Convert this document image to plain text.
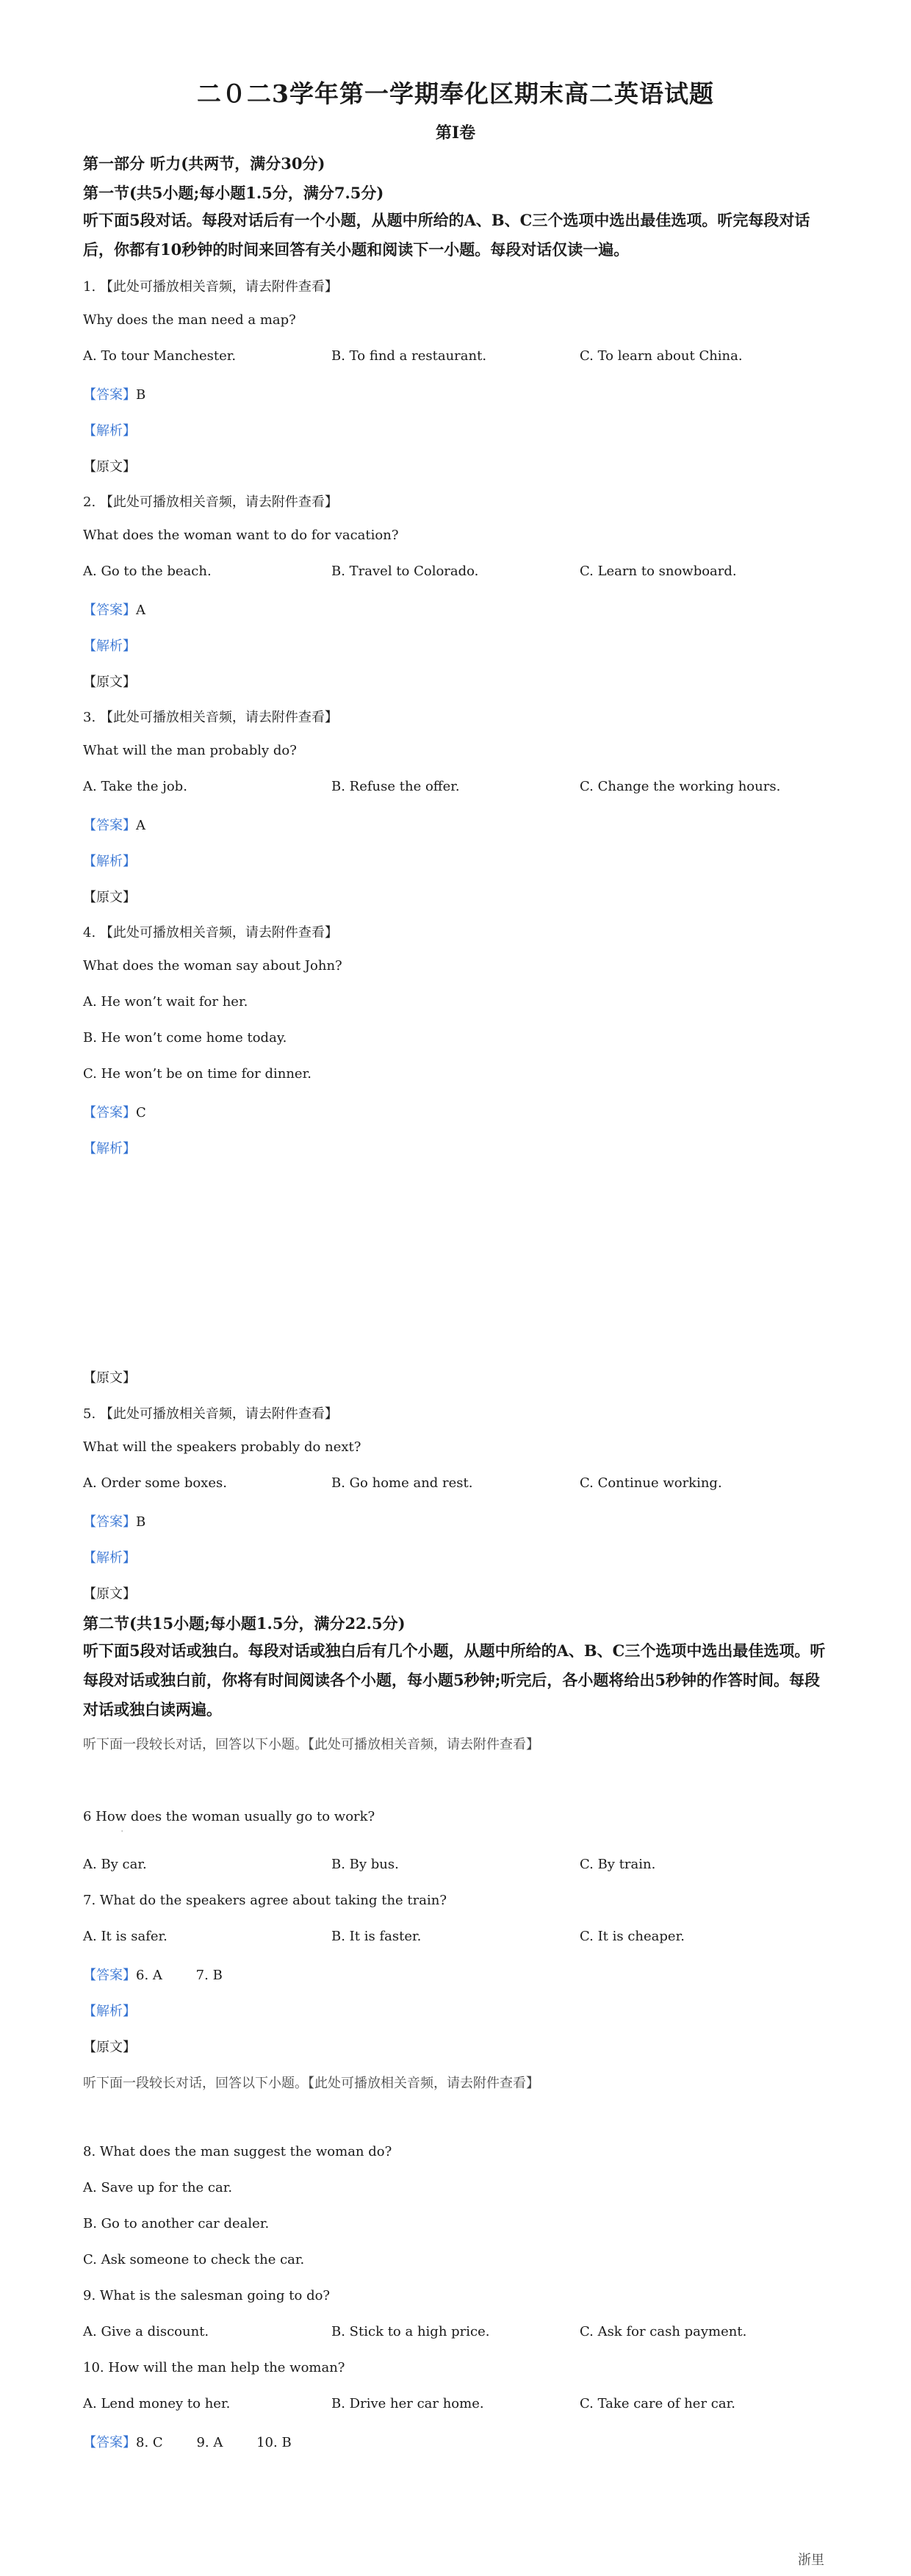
二０二3学年第一学期奉化区期末高二英语试题
第Ⅰ卷
第一部分 听力(共两节，满分30分)
第一节(共5小题;每小题1.5分，满分7.5分)
听下面5段对话。每段对话后有一个小题，从题中所给的A、B、C三个选项中选出最佳选项。听完每段对话后，你都有10秒钟的时间来回答有关小题和阅读下一小题。每段对话仅读一遍。
1. 【此处可播放相关音频，请去附件查看】
Why does the man need a map?
A. To tour Manchester.	B. To find a restaurant.	C. To learn about China.
【答案】B
【解析】
【原文】
2. 【此处可播放相关音频，请去附件查看】
What does the woman want to do for vacation?
A. Go to the beach.	B. Travel to Colorado.	C. Learn to snowboard.
【答案】A
【解析】
【原文】
3. 【此处可播放相关音频，请去附件查看】
What will the man probably do?
A. Take the job.	B. Refuse the offer.	C. Change the working hours.
【答案】A
【解析】
【原文】
4. 【此处可播放相关音频，请去附件查看】
What does the woman say about John?
A. He won’t wait for her.
B. He won’t come home today.
C. He won’t be on time for dinner.
【答案】C
【解析】
【原文】
5. 【此处可播放相关音频，请去附件查看】
What will the speakers probably do next?
A. Order some boxes.	B. Go home and rest.	C. Continue working.
【答案】B
【解析】
【原文】
第二节(共15小题;每小题1.5分，满分22.5分)
听下面5段对话或独白。每段对话或独白后有几个小题，从题中所给的A、B、C三个选项中选出最佳选项。听每段对话或独白前，你将有时间阅读各个小题，每小题5秒钟;听完后，各小题将给出5秒钟的作答时间。每段对话或独白读两遍。
听下面一段较长对话，回答以下小题。【此处可播放相关音频，请去附件查看】
6 How does the woman usually go to work?
'
A. By car.	B. By bus.	C. By train.
7. What do the speakers agree about taking the train?
A. It is safer.	B. It is faster.	C. It is cheaper.
【答案】6. A        7. B
【解析】
【原文】
听下面一段较长对话，回答以下小题。【此处可播放相关音频，请去附件查看】
8. What does the man suggest the woman do?
A. Save up for the car.
B. Go to another car dealer.
C. Ask someone to check the car.
9. What is the salesman going to do?
A. Give a discount.	B. Stick to a high price.	C. Ask for cash payment.
10. How will the man help the woman?
A. Lend money to her.	B. Drive her car home.	C. Take care of her car.
【答案】8. C        9. A        10. B
浙里
